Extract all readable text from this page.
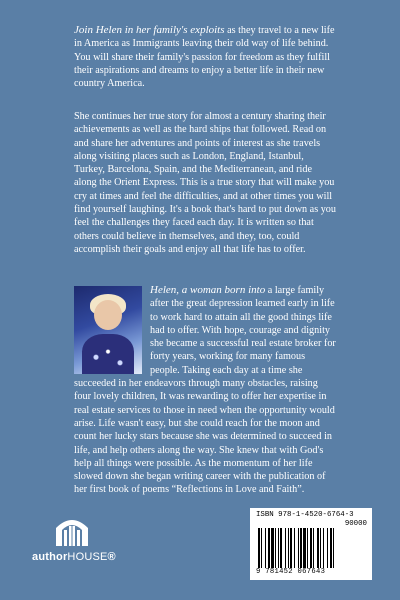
Join Helen in her family's exploits as they travel to a new life in America as Immigrants leaving their old way of life behind. You will share their family's passion for freedom as they fulfill their aspirations and dreams to enjoy a better life in their new country America.

She continues her true story for almost a century sharing their achievements as well as the hard ships that followed. Read on and share her adventures and points of interest as she travels along visiting places such as London, England, Istanbul, Turkey, Barcelona, Spain, and the Mediterranean, and ride along the Orient Express. This is a true story that will make you cry at times and feel the difficulties, and at other times you will find yourself laughing. It's a book that's hard to put down as you feel the challenges they faced each day. It is written so that others could believe in themselves, and they, too, could accomplish their goals and enjoy all that life has to offer.

Helen, a woman born into a large family after the great depression learned early in life to work hard to attain all the good things life had to offer. With hope, courage and dignity she became a successful real estate broker for forty years, working for many famous people. Taking each day at a time she succeeded in her endeavors through many obstacles, raising four lovely children, It was rewarding to offer her expertise in real estate services to those in need when the opportunity would arise. Life wasn't easy, but she could reach for the moon and count her lucky stars because she was determined to succeed in life, and help others along the way. She knew that with God's help all things were possible. As the momentum of her life slowed down she began writing career with the publication of her first book of poems “Reflections in Love and Faith”.
authorHOUSE®
ISBN 978-1-4520-6764-3
90000
9 781452 067643
